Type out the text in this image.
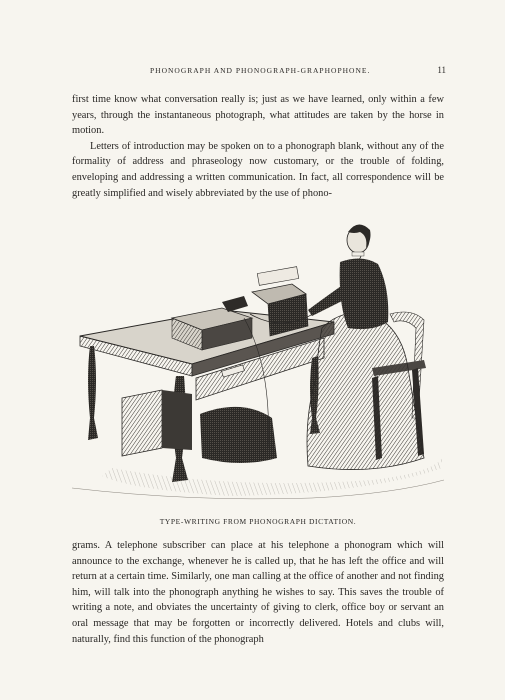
PHONOGRAPH AND PHONOGRAPH-GRAPHOPHONE.	11

first time know what conversation really is; just as we have learned, only within a few years, through the instantaneous photograph, what attitudes are taken by the horse in motion.

Letters of introduction may be spoken on to a phonograph blank, without any of the formality of address and phraseology now customary, or the trouble of folding, enveloping and addressing a written communication. In fact, all correspondence will be greatly simplified and wisely abbreviated by the use of phono-

TYPE-WRITING FROM PHONOGRAPH DICTATION.

grams. A telephone subscriber can place at his telephone a phonogram which will announce to the exchange, whenever he is called up, that he has left the office and will return at a certain time. Similarly, one man calling at the office of another and not finding him, will talk into the phonograph anything he wishes to say. This saves the trouble of writing a note, and obviates the uncertainty of giving to clerk, office boy or servant an oral message that may be forgotten or incorrectly delivered. Hotels and clubs will, naturally, find this function of the phonograph
